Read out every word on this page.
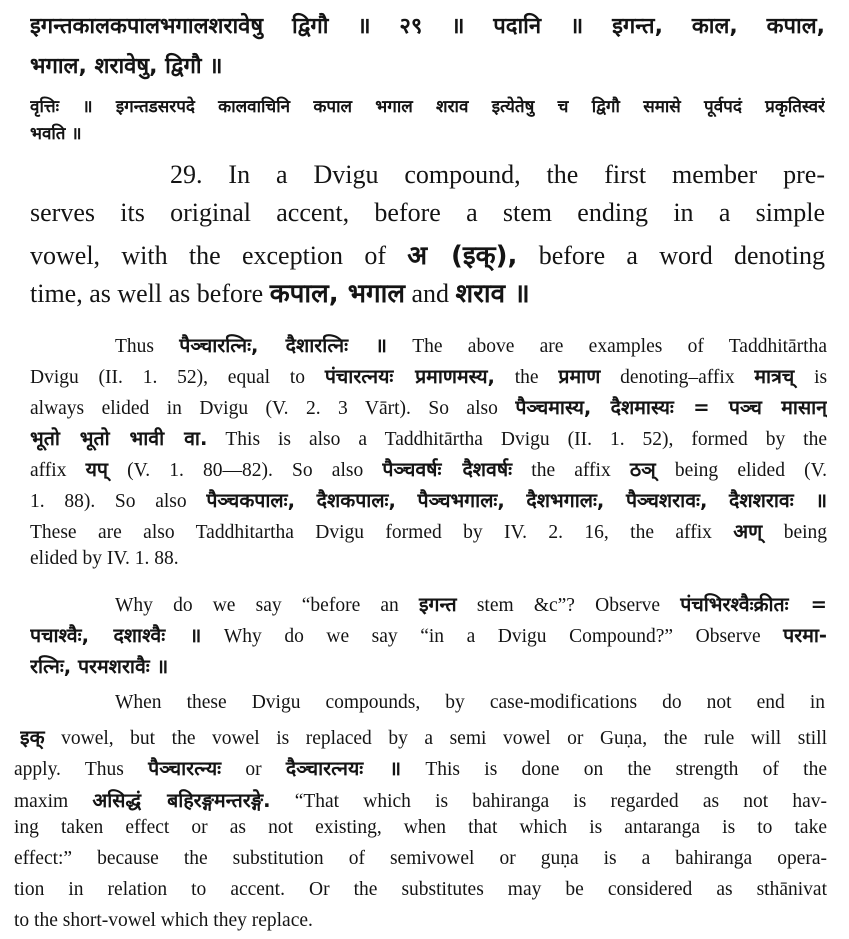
इगन्तकालकपालभगालशरावेषु द्विगौ ॥ २९ ॥ पदानि ॥ इगन्त, काल, कपाल,
भगाल, शरावेषु, द्विगौ ॥
वृत्तिः ॥ इगन्तडसरपदे कालवाचिनि कपाल भगाल शराव इत्येतेषु च द्विगौ समासे पूर्वपदं प्रकृतिस्वरं
भवति ॥
29. In a Dvigu compound, the first member pre-
serves its original accent, before a stem ending in a simple
vowel, with the exception of अ (इक्), before a word denoting
time, as well as before कपाल, भगाल and शराव ॥
Thus पैञ्चारत्निः, दैशारत्निः ॥ The above are examples of Taddhitārtha
Dvigu (II. 1. 52), equal to पंचारत्नयः प्रमाणमस्य, the प्रमाण denoting–affix मात्रच् is
always elided in Dvigu (V. 2. 3 Vārt). So also पैञ्चमास्य, दैशमास्यः = पञ्च मासान्
भूतो भूतो भावी वा. This is also a Taddhitārtha Dvigu (II. 1. 52), formed by the
affix यप् (V. 1. 80—82). So also पैञ्चवर्षः दैशवर्षः the affix ठञ् being elided (V.
1. 88). So also पैञ्चकपालः, दैशकपालः, पैञ्चभगालः, दैशभगालः, पैञ्चशरावः, दैशशरावः ॥
These are also Taddhitartha Dvigu formed by IV. 2. 16, the affix अण् being
elided by IV. 1. 88.
Why do we say “before an इगन्त stem &c”? Observe पंचभिरश्वैःक्रीतः =
पचाश्वैः, दशाश्वैः ॥ Why do we say “in a Dvigu Compound?” Observe परमा-
रत्निः, परमशरावैः ॥
When these Dvigu compounds, by case-modifications do not end in
इक् vowel, but the vowel is replaced by a semi vowel or Guṇa, the rule will still
apply. Thus पैञ्चारत्न्यः or दैञ्चारत्नयः ॥ This is done on the strength of the
maxim असिद्धं बहिरङ्गमन्तरङ्गे. “That which is bahiranga is regarded as not hav-
ing taken effect or as not existing, when that which is antaranga is to take
effect:” because the substitution of semivowel or guṇa is a bahiranga opera-
tion in relation to accent. Or the substitutes may be considered as sthānivat
to the short-vowel which they replace.
